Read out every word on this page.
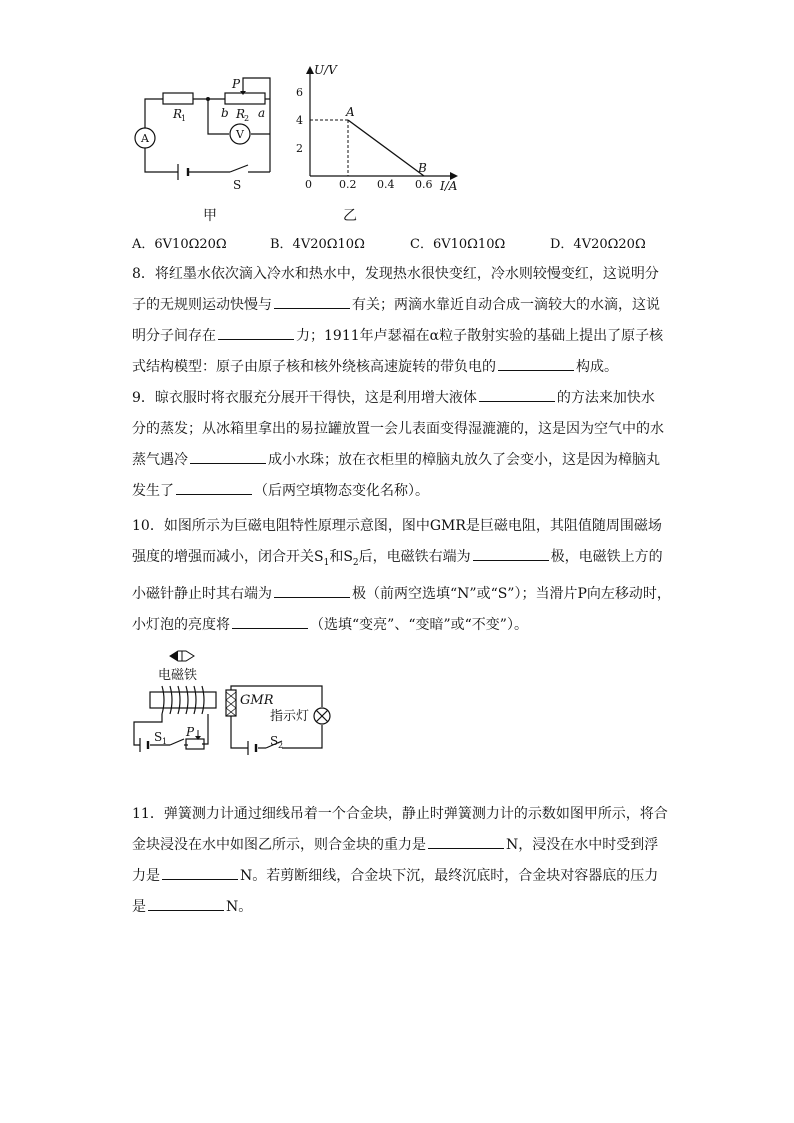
P
R
1	R
2
b a
A	V
S
甲
U/V
I/A
0
6
4
2
0.2 0.4 0.6
A
B
乙
A．6V10Ω20Ω	B．4V20Ω10Ω	C．6V10Ω10Ω	D．4V20Ω20Ω
8．将红墨水依次滴入冷水和热水中，发现热水很快变红，冷水则较慢变红，这说明分
子的无规则运动快慢与	有关；两滴水靠近自动合成一滴较大的水滴，这说
明分子间存在	力；1911年卢瑟福在α粒子散射实验的基础上提出了原子核
式结构模型：原子由原子核和核外绕核高速旋转的带负电的	构成。
9．晾衣服时将衣服充分展开干得快，这是利用增大液体	的方法来加快水
分的蒸发；从冰箱里拿出的易拉罐放置一会儿表面变得湿漉漉的，这是因为空气中的水
蒸气遇冷	成小水珠；放在衣柜里的樟脑丸放久了会变小，这是因为樟脑丸
发生了	（后两空填物态变化名称）。
10．如图所示为巨磁电阻特性原理示意图，图中GMR是巨磁电阻，其阻值随周围磁场
强度的增强而减小，闭合开关$S_1$和$S_2$后，电磁铁右端为	极，电磁铁上方的
小磁针静止时其右端为	极（前两空选填“N”或“S”）；当滑片P向左移动时，
小灯泡的亮度将	（选填“变亮”、“变暗”或“不变”）。
电磁铁
S 1
P
GMR
指示灯
S 2
11．弹簧测力计通过细线吊着一个合金块，静止时弹簧测力计的示数如图甲所示，将合
金块浸没在水中如图乙所示，则合金块的重力是	N，浸没在水中时受到浮
力是	N。若剪断细线，合金块下沉，最终沉底时，合金块对容器底的压力
是	N。
